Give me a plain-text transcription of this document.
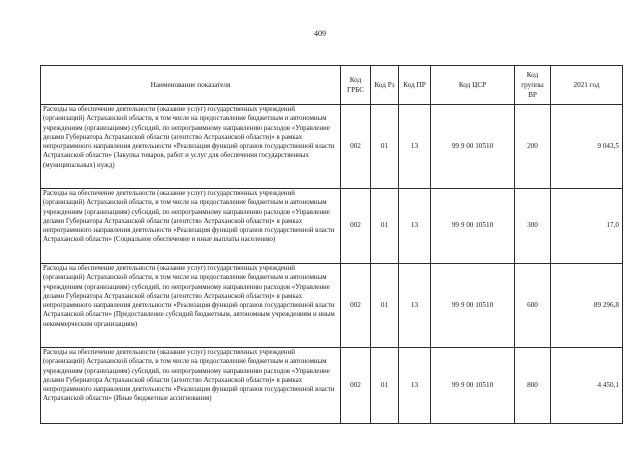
409
Наименование показателя	Код ГРБС	Код Рз	Код ПР	Код ЦСР	Код группы ВР	2021 год
Расходы на обеспечение деятельности (оказание услуг) государственных учреждений (организаций) Астраханской области, в том числе на предоставление бюджетным и автономным учреждениям (организациям) субсидий, по непрограммному направлению расходов «Управление делами Губернатора Астраханской области (агентство Астраханской области)» в рамках непрограммного направления деятельности «Реализация функций органов государственной власти Астраханской области» (Закупка товаров, работ и услуг для обеспечения государственных (муниципальных) нужд)	002	01	13	99 9 00 10510	200	9 043,5
Расходы на обеспечение деятельности (оказание услуг) государственных учреждений (организаций) Астраханской области, в том числе на предоставление бюджетным и автономным учреждениям (организациям) субсидий, по непрограммному направлению расходов «Управление делами Губернатора Астраханской области (агентство Астраханской области)» в рамках непрограммного направления деятельности «Реализация функций органов государственной власти Астраханской области» (Социальное обеспечение и иные выплаты населению)	002	01	13	99 9 00 10510	300	17,0
Расходы на обеспечение деятельности (оказание услуг) государственных учреждений (организаций) Астраханской области, в том числе на предоставление бюджетным и автономным учреждениям (организациям) субсидий, по непрограммному направлению расходов «Управление делами Губернатора Астраханской области (агентство Астраханской области)» в рамках непрограммного направления деятельности «Реализация функций органов государственной власти Астраханской области» (Предоставление субсидий бюджетным, автономным учреждениям и иным некоммерческим организациям)	002	01	13	99 9 00 10510	600	89 296,8
Расходы на обеспечение деятельности (оказание услуг) государственных учреждений (организаций) Астраханской области, в том числе на предоставление бюджетным и автономным учреждениям (организациям) субсидий, по непрограммному направлению расходов «Управление делами Губернатора Астраханской области (агентство Астраханской области)» в рамках непрограммного направления деятельности «Реализация функций органов государственной власти Астраханской области» (Иные бюджетные ассигнования)	002	01	13	99 9 00 10510	800	4 450,1
